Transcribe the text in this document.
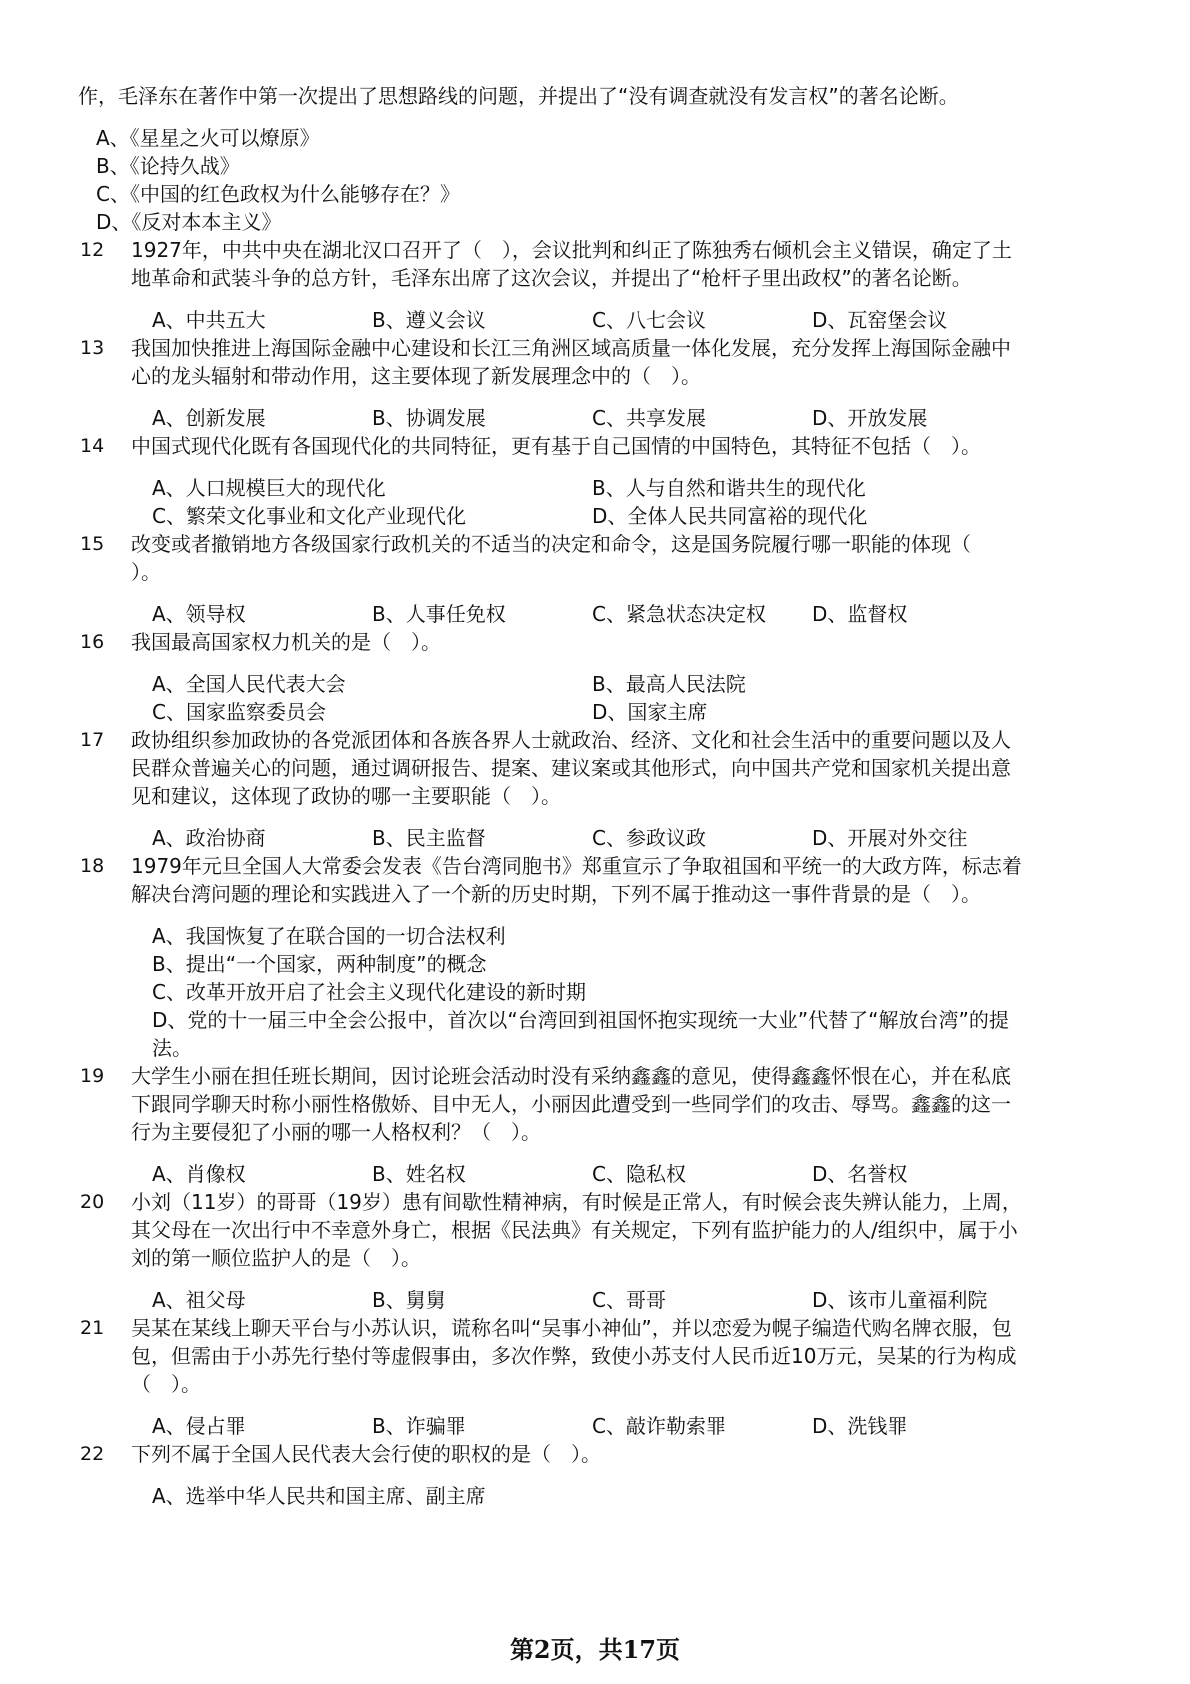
作，毛泽东在著作中第一次提出了思想路线的问题，并提出了“没有调查就没有发言权”的著名论断。
A、《星星之火可以燎原》
B、《论持久战》
C、《中国的红色政权为什么能够存在？》
D、《反对本本主义》
12 1927年，中共中央在湖北汉口召开了（　），会议批判和纠正了陈独秀右倾机会主义错误，确定了土
地革命和武装斗争的总方针，毛泽东出席了这次会议，并提出了“枪杆子里出政权”的著名论断。
A、中共五大	B、遵义会议	C、八七会议	D、瓦窑堡会议
13 我国加快推进上海国际金融中心建设和长江三角洲区域高质量一体化发展，充分发挥上海国际金融中
心的龙头辐射和带动作用，这主要体现了新发展理念中的（　）。
A、创新发展	B、协调发展	C、共享发展	D、开放发展
14 中国式现代化既有各国现代化的共同特征，更有基于自己国情的中国特色，其特征不包括（　）。
A、人口规模巨大的现代化	B、人与自然和谐共生的现代化
C、繁荣文化事业和文化产业现代化	D、全体人民共同富裕的现代化
15 改变或者撤销地方各级国家行政机关的不适当的决定和命令，这是国务院履行哪一职能的体现（
）。
A、领导权	B、人事任免权	C、紧急状态决定权 D、监督权
16 我国最高国家权力机关的是（　）。
A、全国人民代表大会	B、最高人民法院
C、国家监察委员会	D、国家主席
17 政协组织参加政协的各党派团体和各族各界人士就政治、经济、文化和社会生活中的重要问题以及人
民群众普遍关心的问题，通过调研报告、提案、建议案或其他形式，向中国共产党和国家机关提出意
见和建议，这体现了政协的哪一主要职能（　）。
A、政治协商	B、民主监督	C、参政议政	D、开展对外交往
18 1979年元旦全国人大常委会发表《告台湾同胞书》郑重宣示了争取祖国和平统一的大政方阵，标志着
解决台湾问题的理论和实践进入了一个新的历史时期，下列不属于推动这一事件背景的是（　）。
A、我国恢复了在联合国的一切合法权利
B、提出“一个国家，两种制度”的概念
C、改革开放开启了社会主义现代化建设的新时期
D、党的十一届三中全会公报中，首次以“台湾回到祖国怀抱实现统一大业”代替了“解放台湾”的提
法。
19 大学生小丽在担任班长期间，因讨论班会活动时没有采纳鑫鑫的意见，使得鑫鑫怀恨在心，并在私底
下跟同学聊天时称小丽性格傲娇、目中无人，小丽因此遭受到一些同学们的攻击、辱骂。鑫鑫的这一
行为主要侵犯了小丽的哪一人格权利？（　）。
A、肖像权	B、姓名权	C、隐私权	D、名誉权
20 小刘（11岁）的哥哥（19岁）患有间歇性精神病，有时候是正常人，有时候会丧失辨认能力，上周，
其父母在一次出行中不幸意外身亡，根据《民法典》有关规定，下列有监护能力的人/组织中，属于小
刘的第一顺位监护人的是（　）。
A、祖父母	B、舅舅	C、哥哥	D、该市儿童福利院
21 吴某在某线上聊天平台与小苏认识，谎称名叫“吴事小神仙”，并以恋爱为幌子编造代购名牌衣服，包
包，但需由于小苏先行垫付等虚假事由，多次作弊，致使小苏支付人民币近10万元，吴某的行为构成
（　）。
A、侵占罪	B、诈骗罪	C、敲诈勒索罪	D、洗钱罪
22 下列不属于全国人民代表大会行使的职权的是（　）。
A、选举中华人民共和国主席、副主席
第2页，共17页
